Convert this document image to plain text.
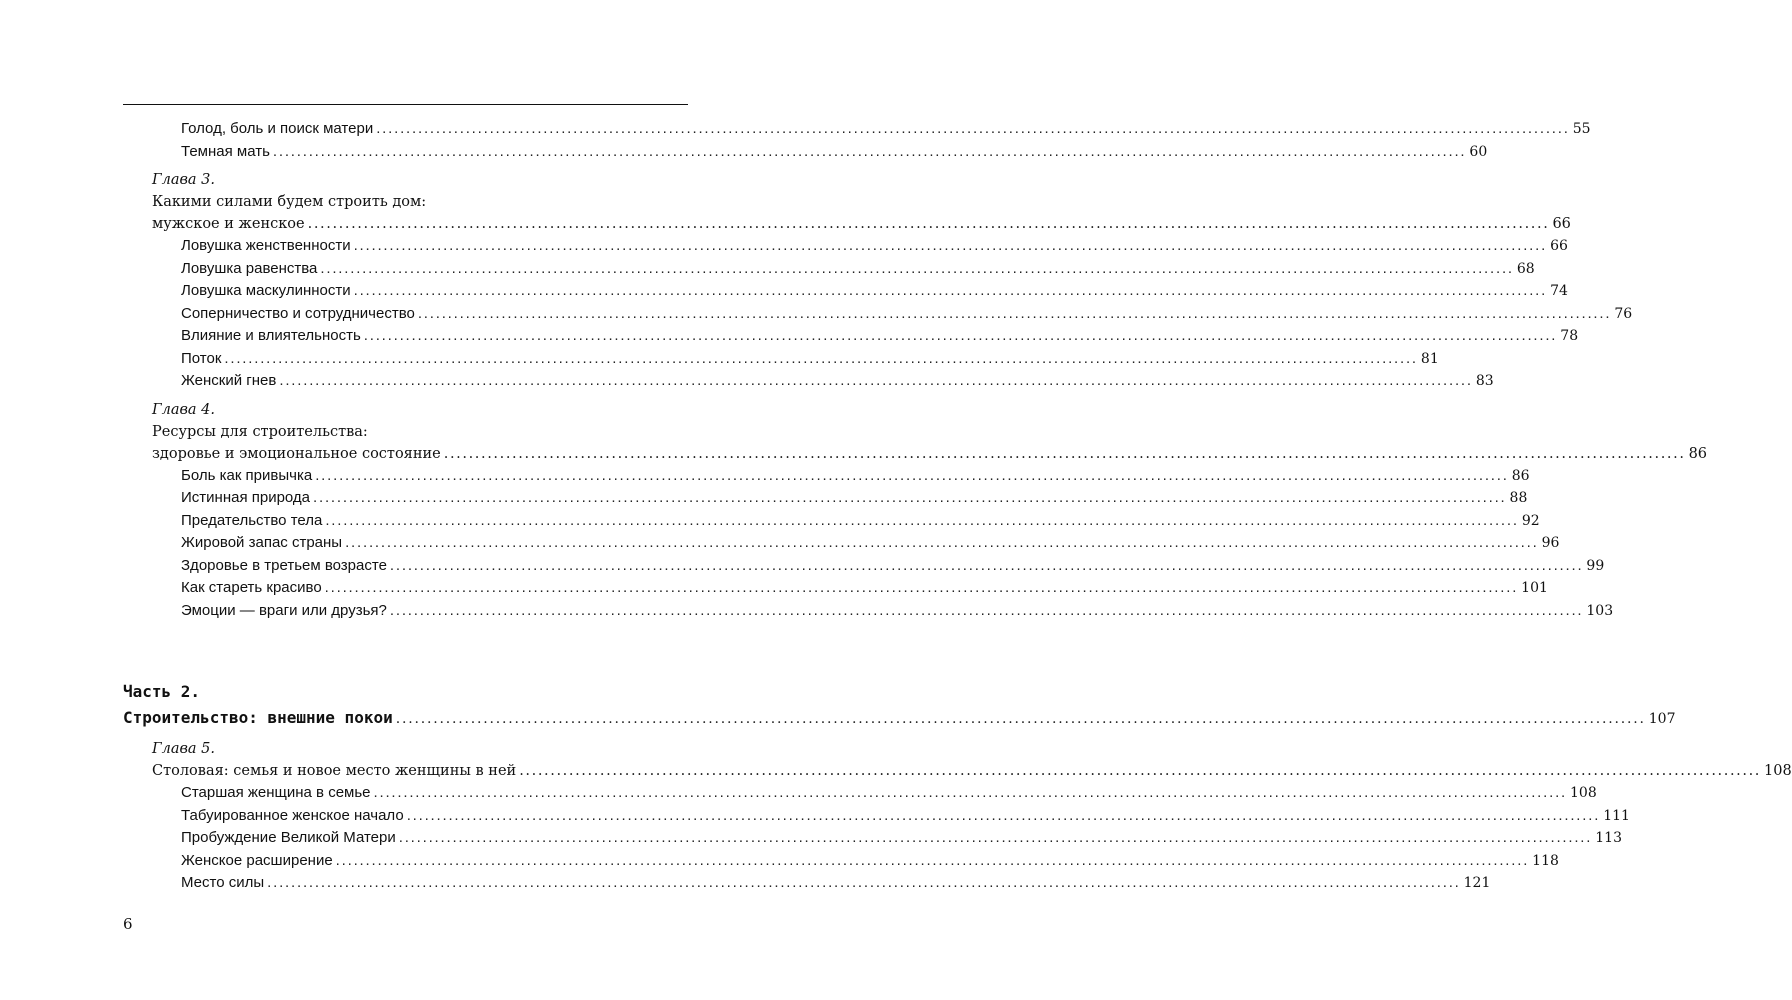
Голод, боль и поиск матери ........................................................................................................................................................................................................ 55
Темная мать ........................................................................................................................................................................................................ 60
Глава 3.
Какими силами будем строить дом:
мужское и женское ........................................................................................................................................................................................................ 66
Ловушка женственности ........................................................................................................................................................................................................ 66
Ловушка равенства ........................................................................................................................................................................................................ 68
Ловушка маскулинности ........................................................................................................................................................................................................ 74
Соперничество и сотрудничество ........................................................................................................................................................................................................ 76
Влияние и влиятельность ........................................................................................................................................................................................................ 78
Поток ........................................................................................................................................................................................................ 81
Женский гнев ........................................................................................................................................................................................................ 83
Глава 4.
Ресурсы для строительства:
здоровье и эмоциональное состояние ........................................................................................................................................................................................................ 86
Боль как привычка ........................................................................................................................................................................................................ 86
Истинная природа ........................................................................................................................................................................................................ 88
Предательство тела ........................................................................................................................................................................................................ 92
Жировой запас страны ........................................................................................................................................................................................................ 96
Здоровье в третьем возрасте ........................................................................................................................................................................................................ 99
Как стареть красиво ........................................................................................................................................................................................................ 101
Эмоции — враги или друзья? ........................................................................................................................................................................................................ 103
Часть 2.
Строительство: внешние покои ........................................................................................................................................................................................................ 107
Глава 5.
Столовая: семья и новое место женщины в ней ........................................................................................................................................................................................................ 108
Старшая женщина в семье ........................................................................................................................................................................................................ 108
Табуированное женское начало ........................................................................................................................................................................................................ 111
Пробуждение Великой Матери ........................................................................................................................................................................................................ 113
Женское расширение ........................................................................................................................................................................................................ 118
Место силы ........................................................................................................................................................................................................ 121
6
